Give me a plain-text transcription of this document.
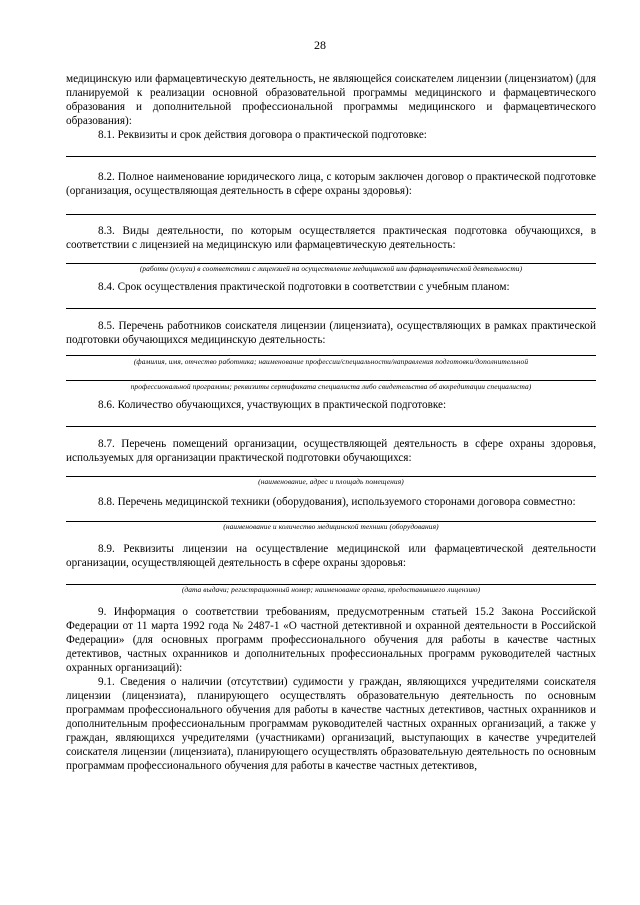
28

медицинскую или фармацевтическую деятельность, не являющейся соискателем лицензии (лицензиатом) (для планируемой к реализации основной образовательной программы медицинского и фармацевтического образования и дополнительной профессиональной программы медицинского и фармацевтического образования):

8.1. Реквизиты и срок действия договора о практической подготовке:

8.2. Полное наименование юридического лица, с которым заключен договор о практической подготовке (организация, осуществляющая деятельность в сфере охраны здоровья):

8.3. Виды деятельности, по которым осуществляется практическая подготовка обучающихся, в соответствии с лицензией на медицинскую или фармацевтическую деятельность:

(работы (услуги) в соответствии с лицензией на осуществление медицинской или фармацевтической деятельности)

8.4. Срок осуществления практической подготовки в соответствии с учебным планом:

8.5. Перечень работников соискателя лицензии (лицензиата), осуществляющих в рамках практической подготовки обучающихся медицинскую деятельность:

(фамилия, имя, отчество работника; наименование профессии/специальности/направления подготовки/дополнительной
профессиональной программы; реквизиты сертификата специалиста либо свидетельства об аккредитации специалиста)

8.6. Количество обучающихся, участвующих в практической подготовке:

8.7. Перечень помещений организации, осуществляющей деятельность в сфере охраны здоровья, используемых для организации практической подготовки обучающихся:

(наименование, адрес и площадь помещения)

8.8. Перечень медицинской техники (оборудования), используемого сторонами договора совместно:

(наименование и количество медицинской техники (оборудования)

8.9. Реквизиты лицензии на осуществление медицинской или фармацевтической деятельности организации, осуществляющей деятельность в сфере охраны здоровья:

(дата выдачи; регистрационный номер; наименование органа, предоставившего лицензию)

9. Информация о соответствии требованиям, предусмотренным статьей 15.2 Закона Российской Федерации от 11 марта 1992 года № 2487-1 «О частной детективной и охранной деятельности в Российской Федерации» (для основных программ профессионального обучения для работы в качестве частных детективов, частных охранников и дополнительных профессиональных программ руководителей частных охранных организаций):

9.1. Сведения о наличии (отсутствии) судимости у граждан, являющихся учредителями соискателя лицензии (лицензиата), планирующего осуществлять образовательную деятельность по основным программам профессионального обучения для работы в качестве частных детективов, частных охранников и дополнительным профессиональным программам руководителей частных охранных организаций, а также у граждан, являющихся учредителями (участниками) организаций, выступающих в качестве учредителей соискателя лицензии (лицензиата), планирующего осуществлять образовательную деятельность по основным программам профессионального обучения для работы в качестве частных детективов,
